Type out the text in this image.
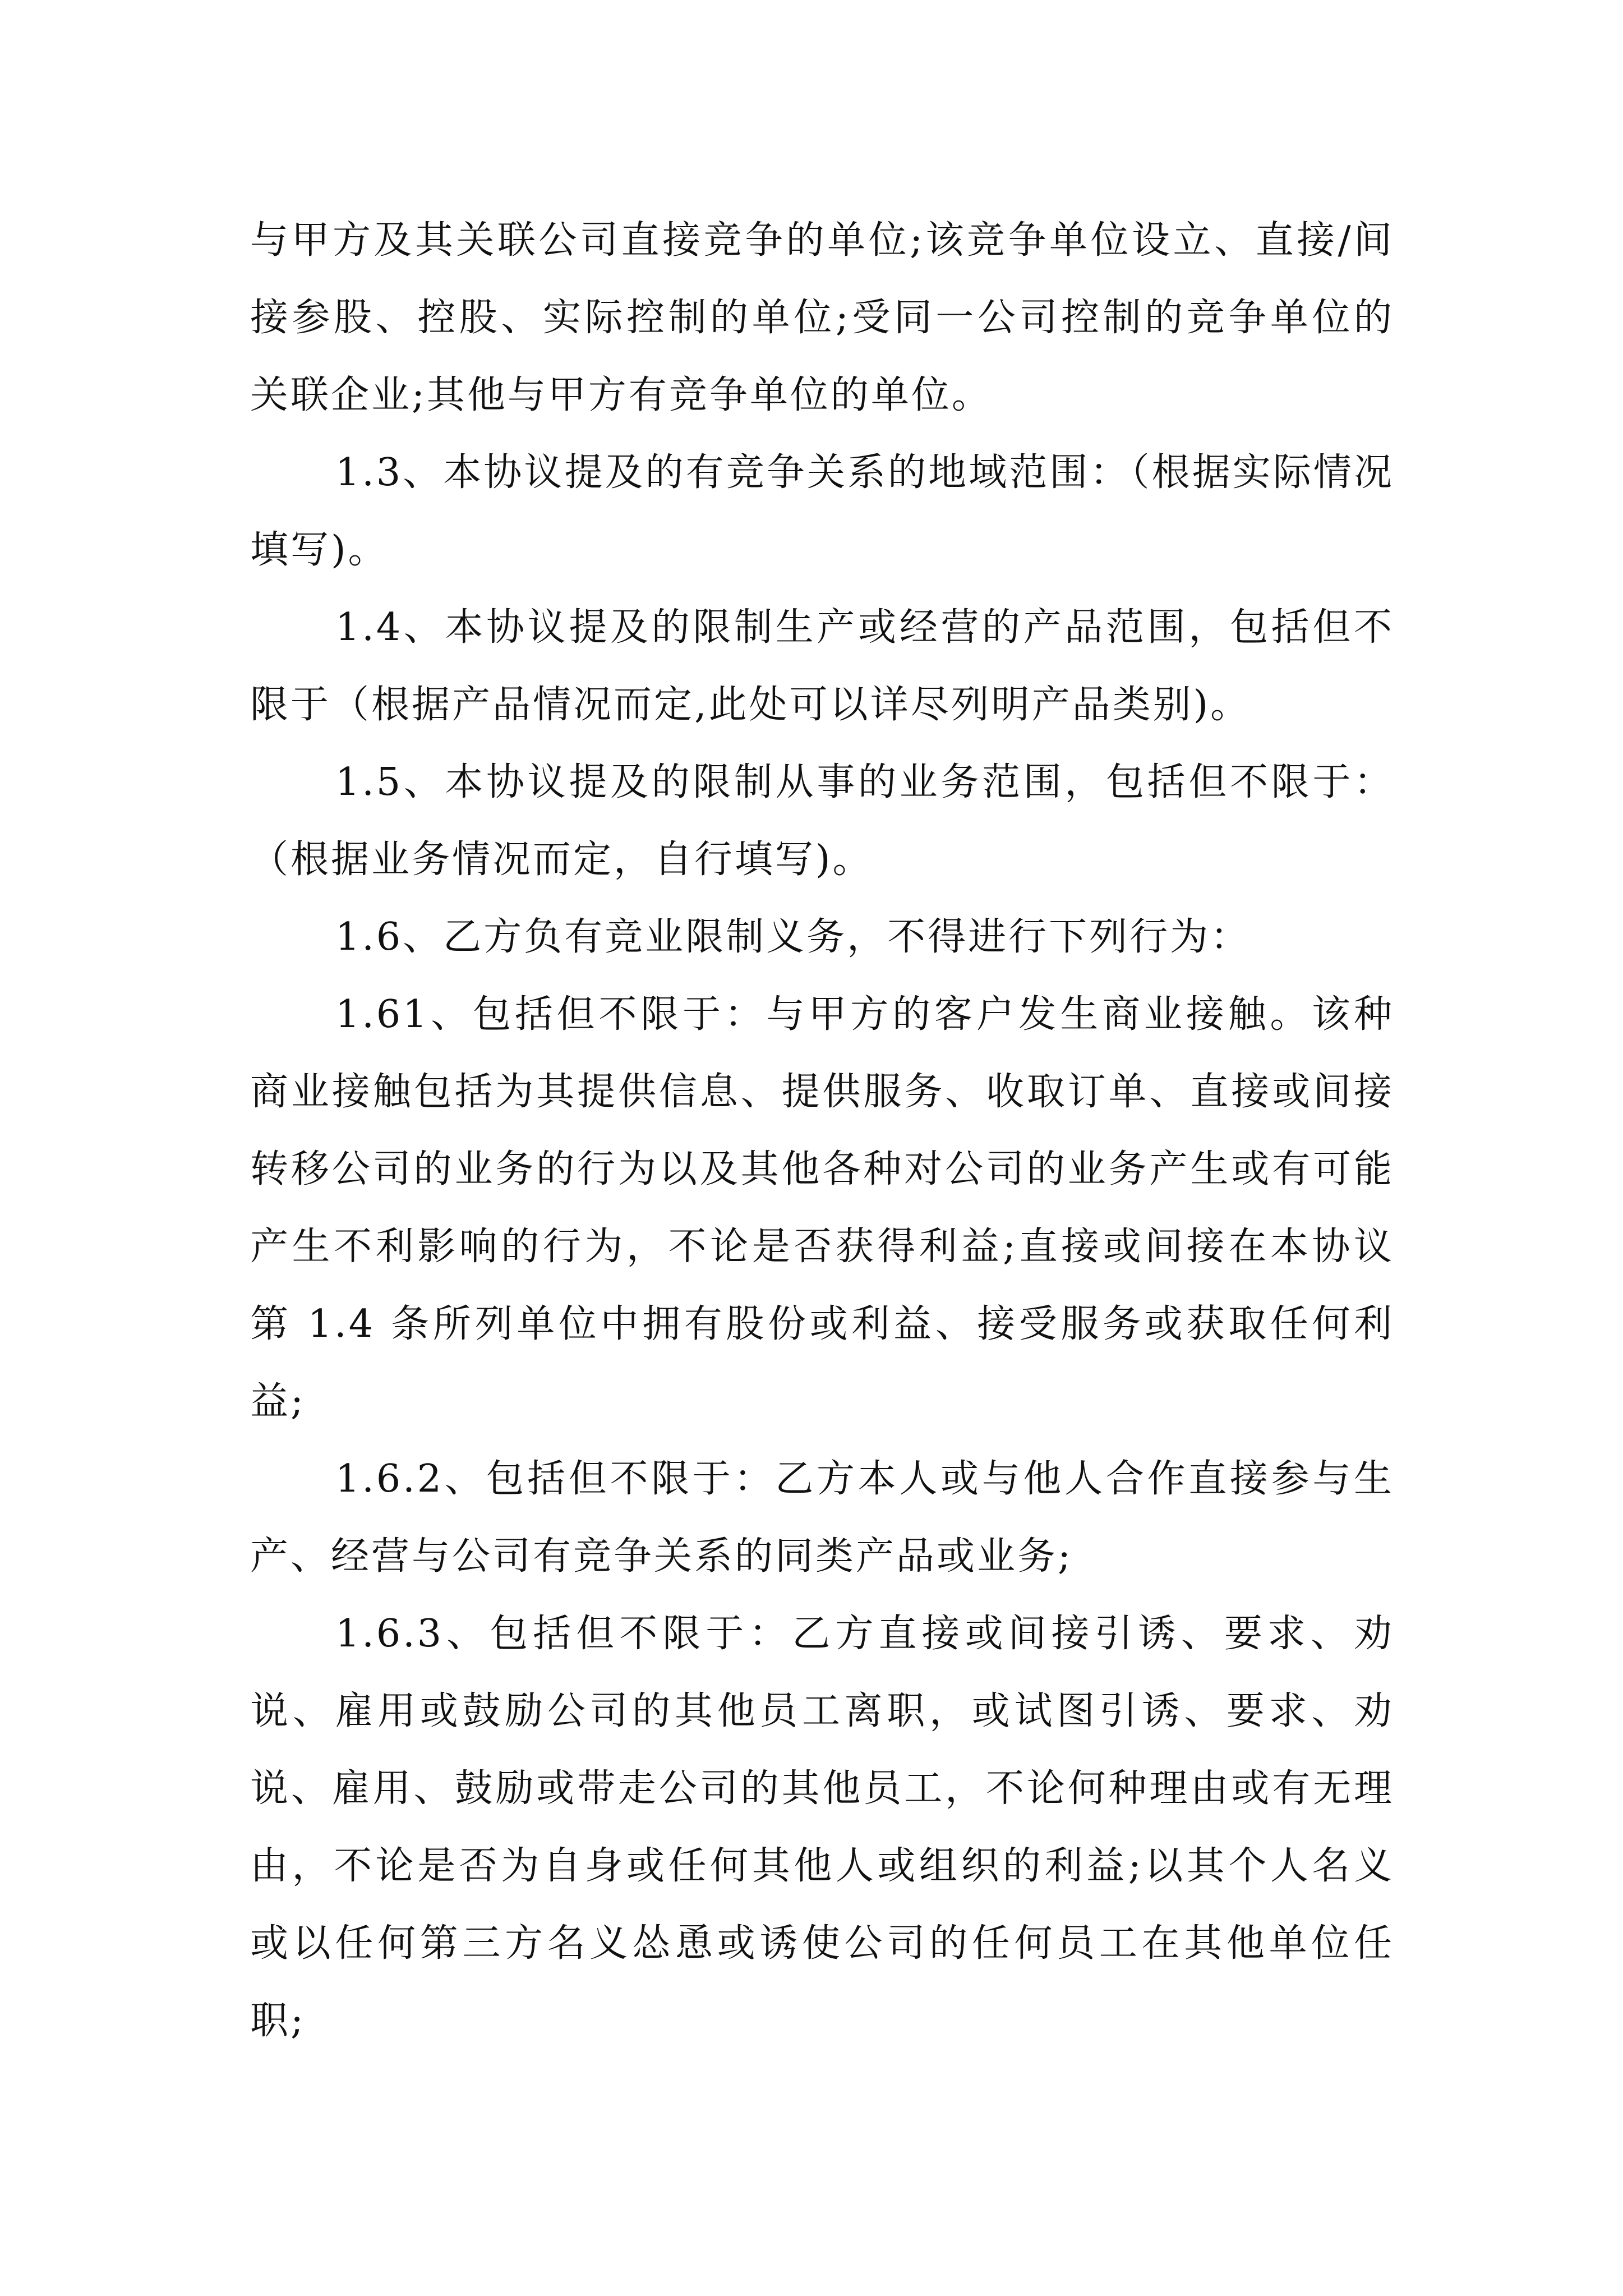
与甲方及其关联公司直接竞争的单位;该竞争单位设立、直接/间接参股、控股、实际控制的单位;受同一公司控制的竞争单位的关联企业;其他与甲方有竞争单位的单位。

1.3、本协议提及的有竞争关系的地域范围：（根据实际情况填写)。

1.4、本协议提及的限制生产或经营的产品范围，包括但不限于（根据产品情况而定,此处可以详尽列明产品类别)。

1.5、本协议提及的限制从事的业务范围，包括但不限于：（根据业务情况而定，自行填写)。

1.6、乙方负有竞业限制义务，不得进行下列行为：

1.61、包括但不限于：与甲方的客户发生商业接触。该种商业接触包括为其提供信息、提供服务、收取订单、直接或间接转移公司的业务的行为以及其他各种对公司的业务产生或有可能产生不利影响的行为，不论是否获得利益;直接或间接在本协议第 1.4 条所列单位中拥有股份或利益、接受服务或获取任何利益;

1.6.2、包括但不限于：乙方本人或与他人合作直接参与生产、经营与公司有竞争关系的同类产品或业务;

1.6.3、包括但不限于：乙方直接或间接引诱、要求、劝说、雇用或鼓励公司的其他员工离职，或试图引诱、要求、劝说、雇用、鼓励或带走公司的其他员工，不论何种理由或有无理由，不论是否为自身或任何其他人或组织的利益;以其个人名义或以任何第三方名义怂恿或诱使公司的任何员工在其他单位任职;
